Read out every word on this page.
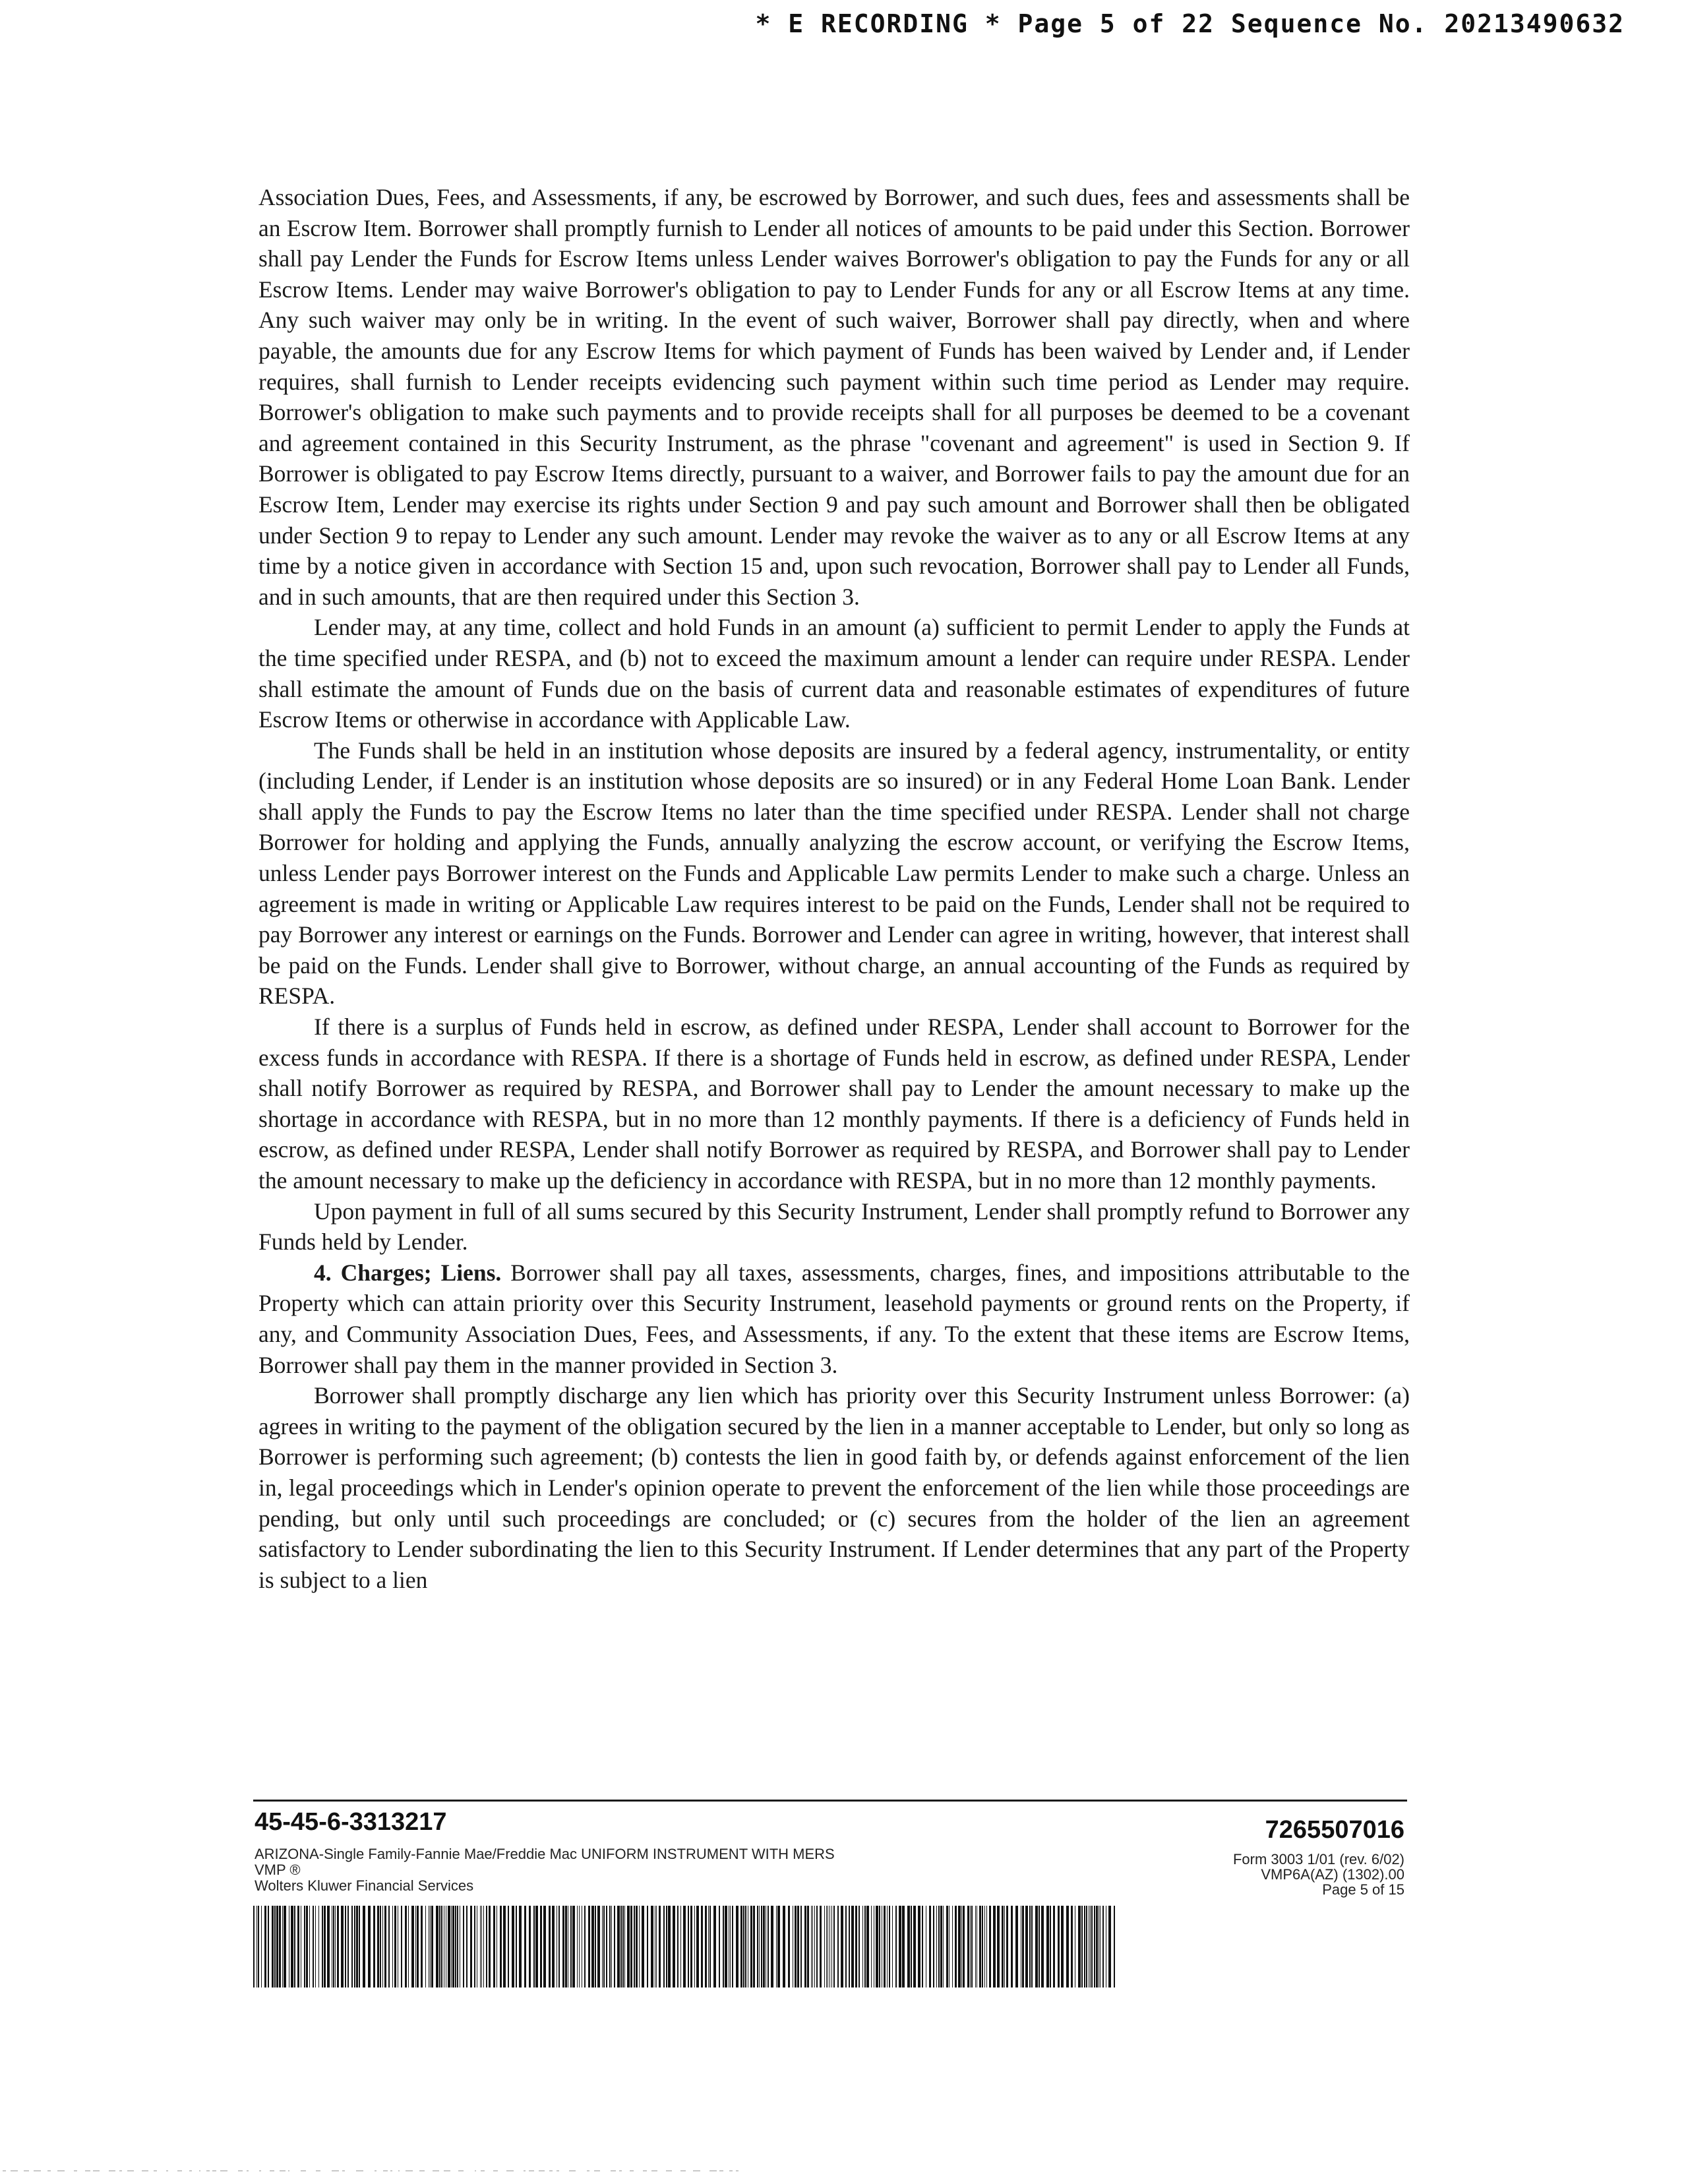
* E RECORDING * Page 5 of 22 Sequence No. 20213490632

Association Dues, Fees, and Assessments, if any, be escrowed by Borrower, and such dues, fees and assessments shall be an Escrow Item. Borrower shall promptly furnish to Lender all notices of amounts to be paid under this Section. Borrower shall pay Lender the Funds for Escrow Items unless Lender waives Borrower's obligation to pay the Funds for any or all Escrow Items. Lender may waive Borrower's obligation to pay to Lender Funds for any or all Escrow Items at any time. Any such waiver may only be in writing. In the event of such waiver, Borrower shall pay directly, when and where payable, the amounts due for any Escrow Items for which payment of Funds has been waived by Lender and, if Lender requires, shall furnish to Lender receipts evidencing such payment within such time period as Lender may require. Borrower's obligation to make such payments and to provide receipts shall for all purposes be deemed to be a covenant and agreement contained in this Security Instrument, as the phrase "covenant and agreement" is used in Section 9. If Borrower is obligated to pay Escrow Items directly, pursuant to a waiver, and Borrower fails to pay the amount due for an Escrow Item, Lender may exercise its rights under Section 9 and pay such amount and Borrower shall then be obligated under Section 9 to repay to Lender any such amount. Lender may revoke the waiver as to any or all Escrow Items at any time by a notice given in accordance with Section 15 and, upon such revocation, Borrower shall pay to Lender all Funds, and in such amounts, that are then required under this Section 3.

Lender may, at any time, collect and hold Funds in an amount (a) sufficient to permit Lender to apply the Funds at the time specified under RESPA, and (b) not to exceed the maximum amount a lender can require under RESPA. Lender shall estimate the amount of Funds due on the basis of current data and reasonable estimates of expenditures of future Escrow Items or otherwise in accordance with Applicable Law.

The Funds shall be held in an institution whose deposits are insured by a federal agency, instrumentality, or entity (including Lender, if Lender is an institution whose deposits are so insured) or in any Federal Home Loan Bank. Lender shall apply the Funds to pay the Escrow Items no later than the time specified under RESPA. Lender shall not charge Borrower for holding and applying the Funds, annually analyzing the escrow account, or verifying the Escrow Items, unless Lender pays Borrower interest on the Funds and Applicable Law permits Lender to make such a charge. Unless an agreement is made in writing or Applicable Law requires interest to be paid on the Funds, Lender shall not be required to pay Borrower any interest or earnings on the Funds. Borrower and Lender can agree in writing, however, that interest shall be paid on the Funds. Lender shall give to Borrower, without charge, an annual accounting of the Funds as required by RESPA.

If there is a surplus of Funds held in escrow, as defined under RESPA, Lender shall account to Borrower for the excess funds in accordance with RESPA. If there is a shortage of Funds held in escrow, as defined under RESPA, Lender shall notify Borrower as required by RESPA, and Borrower shall pay to Lender the amount necessary to make up the shortage in accordance with RESPA, but in no more than 12 monthly payments. If there is a deficiency of Funds held in escrow, as defined under RESPA, Lender shall notify Borrower as required by RESPA, and Borrower shall pay to Lender the amount necessary to make up the deficiency in accordance with RESPA, but in no more than 12 monthly payments.

Upon payment in full of all sums secured by this Security Instrument, Lender shall promptly refund to Borrower any Funds held by Lender.

4. Charges; Liens. Borrower shall pay all taxes, assessments, charges, fines, and impositions attributable to the Property which can attain priority over this Security Instrument, leasehold payments or ground rents on the Property, if any, and Community Association Dues, Fees, and Assessments, if any. To the extent that these items are Escrow Items, Borrower shall pay them in the manner provided in Section 3.

Borrower shall promptly discharge any lien which has priority over this Security Instrument unless Borrower: (a) agrees in writing to the payment of the obligation secured by the lien in a manner acceptable to Lender, but only so long as Borrower is performing such agreement; (b) contests the lien in good faith by, or defends against enforcement of the lien in, legal proceedings which in Lender's opinion operate to prevent the enforcement of the lien while those proceedings are pending, but only until such proceedings are concluded; or (c) secures from the holder of the lien an agreement satisfactory to Lender subordinating the lien to this Security Instrument. If Lender determines that any part of the Property is subject to a lien

45-45-6-3313217	7265507016
ARIZONA-Single Family-Fannie Mae/Freddie Mac UNIFORM INSTRUMENT WITH MERS
VMP ®
Wolters Kluwer Financial Services
Form 3003 1/01 (rev. 6/02)
VMP6A(AZ) (1302).00
Page 5 of 15
